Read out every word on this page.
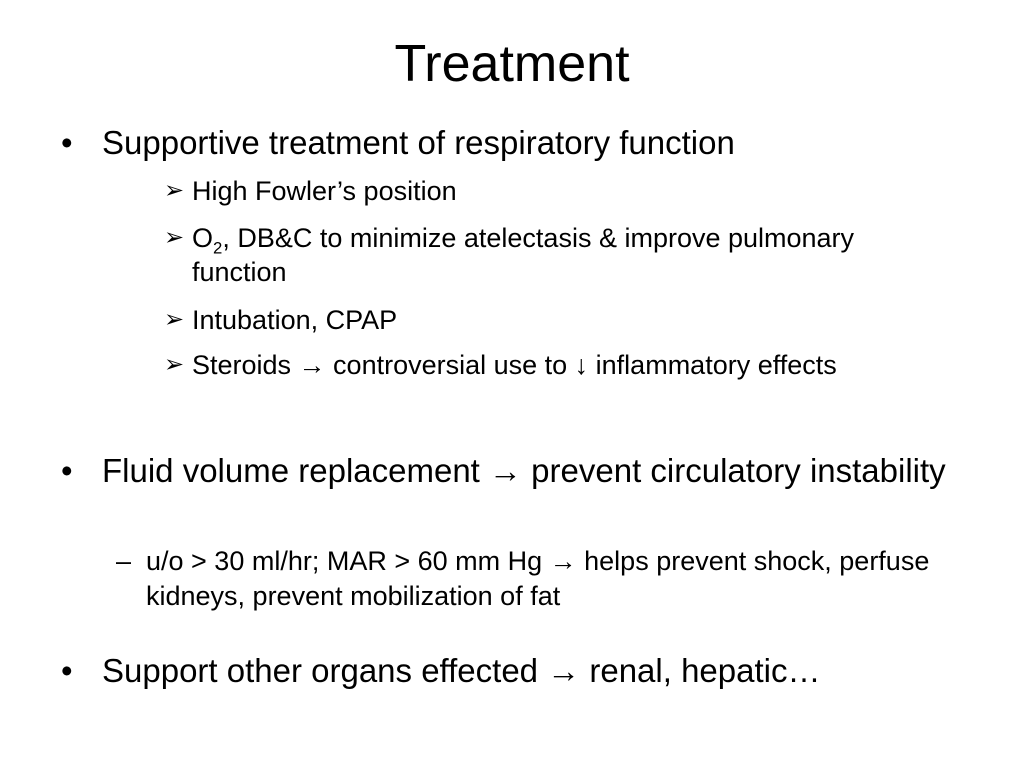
Treatment
• Supportive treatment of respiratory function
➢ High Fowler’s position
➢ $O_2$, DB&C to minimize atelectasis & improve pulmonary function
➢ Intubation, CPAP
➢ Steroids → controversial use to ↓ inflammatory effects
• Fluid volume replacement → prevent circulatory instability
– u/o > 30 ml/hr; MAR > 60 mm Hg → helps prevent shock, perfuse kidneys, prevent mobilization of fat
• Support other organs effected → renal, hepatic…
